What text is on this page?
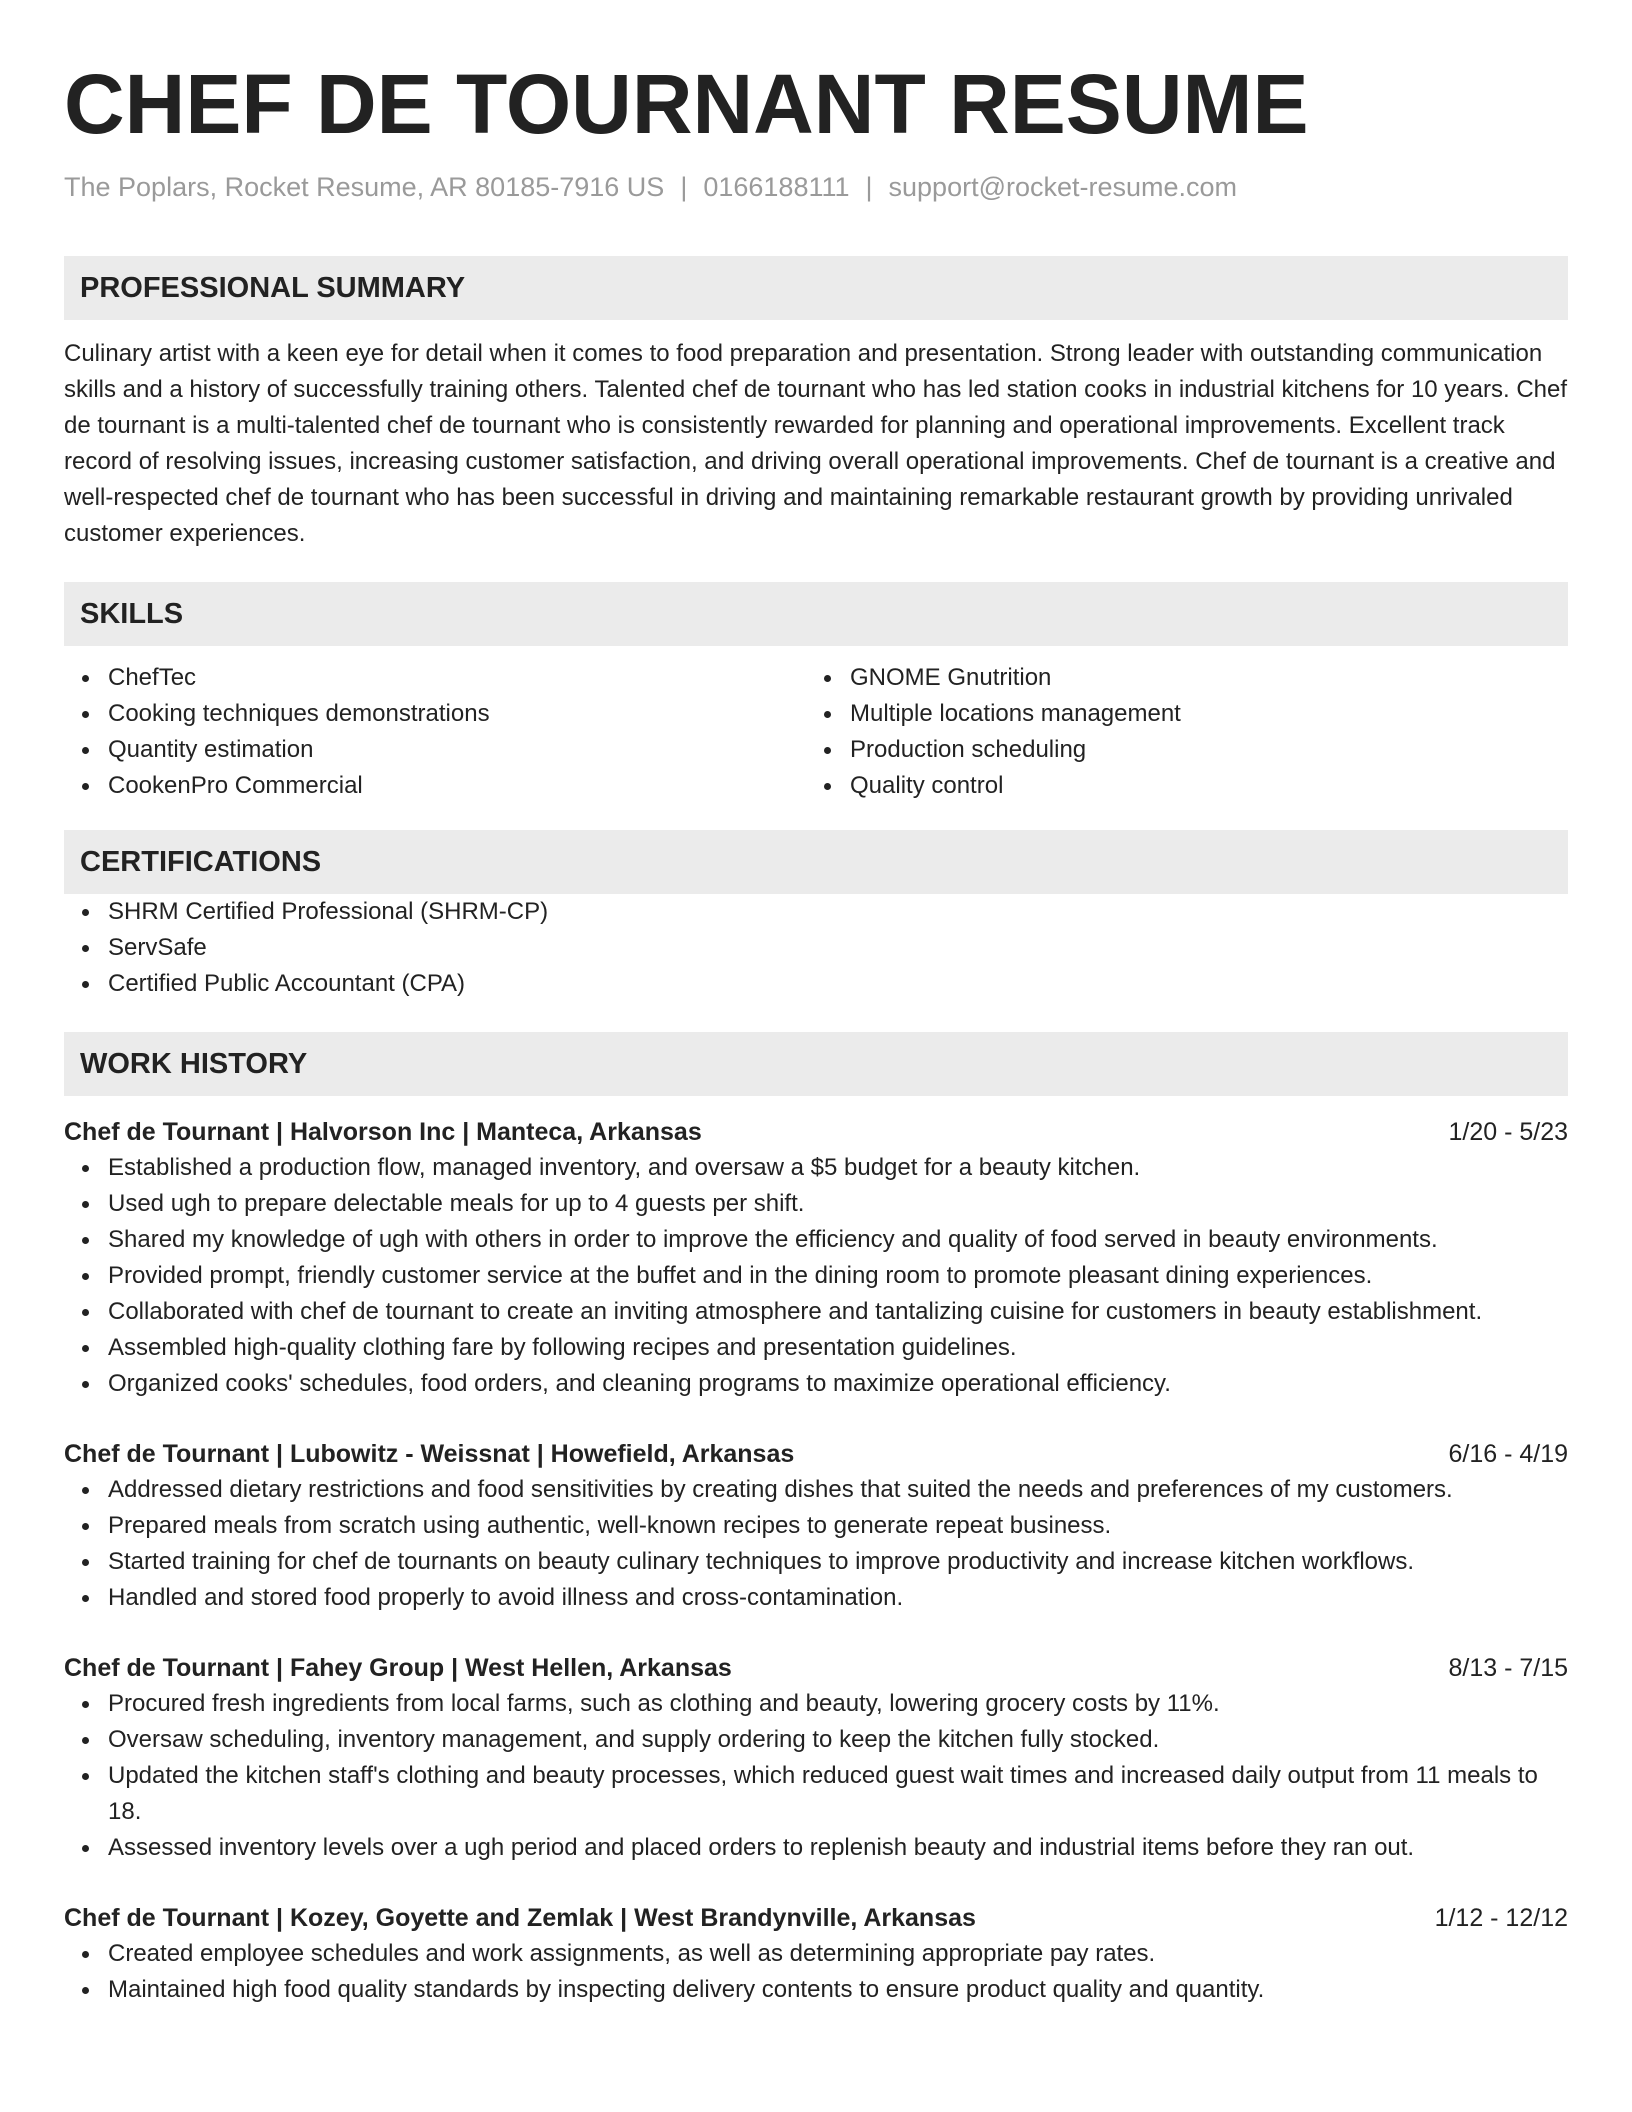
CHEF DE TOURNANT RESUME
The Poplars, Rocket Resume, AR 80185-7916 US | 0166188111 | support@rocket-resume.com
PROFESSIONAL SUMMARY
Culinary artist with a keen eye for detail when it comes to food preparation and presentation. Strong leader with outstanding communication skills and a history of successfully training others. Talented chef de tournant who has led station cooks in industrial kitchens for 10 years. Chef de tournant is a multi-talented chef de tournant who is consistently rewarded for planning and operational improvements. Excellent track record of resolving issues, increasing customer satisfaction, and driving overall operational improvements. Chef de tournant is a creative and well-respected chef de tournant who has been successful in driving and maintaining remarkable restaurant growth by providing unrivaled customer experiences.
SKILLS
ChefTec
Cooking techniques demonstrations
Quantity estimation
CookenPro Commercial
GNOME Gnutrition
Multiple locations management
Production scheduling
Quality control
CERTIFICATIONS
SHRM Certified Professional (SHRM-CP)
ServSafe
Certified Public Accountant (CPA)
WORK HISTORY
Chef de Tournant | Halvorson Inc | Manteca, Arkansas	1/20 - 5/23
Established a production flow, managed inventory, and oversaw a $5 budget for a beauty kitchen.
Used ugh to prepare delectable meals for up to 4 guests per shift.
Shared my knowledge of ugh with others in order to improve the efficiency and quality of food served in beauty environments.
Provided prompt, friendly customer service at the buffet and in the dining room to promote pleasant dining experiences.
Collaborated with chef de tournant to create an inviting atmosphere and tantalizing cuisine for customers in beauty establishment.
Assembled high-quality clothing fare by following recipes and presentation guidelines.
Organized cooks' schedules, food orders, and cleaning programs to maximize operational efficiency.
Chef de Tournant | Lubowitz - Weissnat | Howefield, Arkansas	6/16 - 4/19
Addressed dietary restrictions and food sensitivities by creating dishes that suited the needs and preferences of my customers.
Prepared meals from scratch using authentic, well-known recipes to generate repeat business.
Started training for chef de tournants on beauty culinary techniques to improve productivity and increase kitchen workflows.
Handled and stored food properly to avoid illness and cross-contamination.
Chef de Tournant | Fahey Group | West Hellen, Arkansas	8/13 - 7/15
Procured fresh ingredients from local farms, such as clothing and beauty, lowering grocery costs by 11%.
Oversaw scheduling, inventory management, and supply ordering to keep the kitchen fully stocked.
Updated the kitchen staff's clothing and beauty processes, which reduced guest wait times and increased daily output from 11 meals to 18.
Assessed inventory levels over a ugh period and placed orders to replenish beauty and industrial items before they ran out.
Chef de Tournant | Kozey, Goyette and Zemlak | West Brandynville, Arkansas	1/12 - 12/12
Created employee schedules and work assignments, as well as determining appropriate pay rates.
Maintained high food quality standards by inspecting delivery contents to ensure product quality and quantity.
